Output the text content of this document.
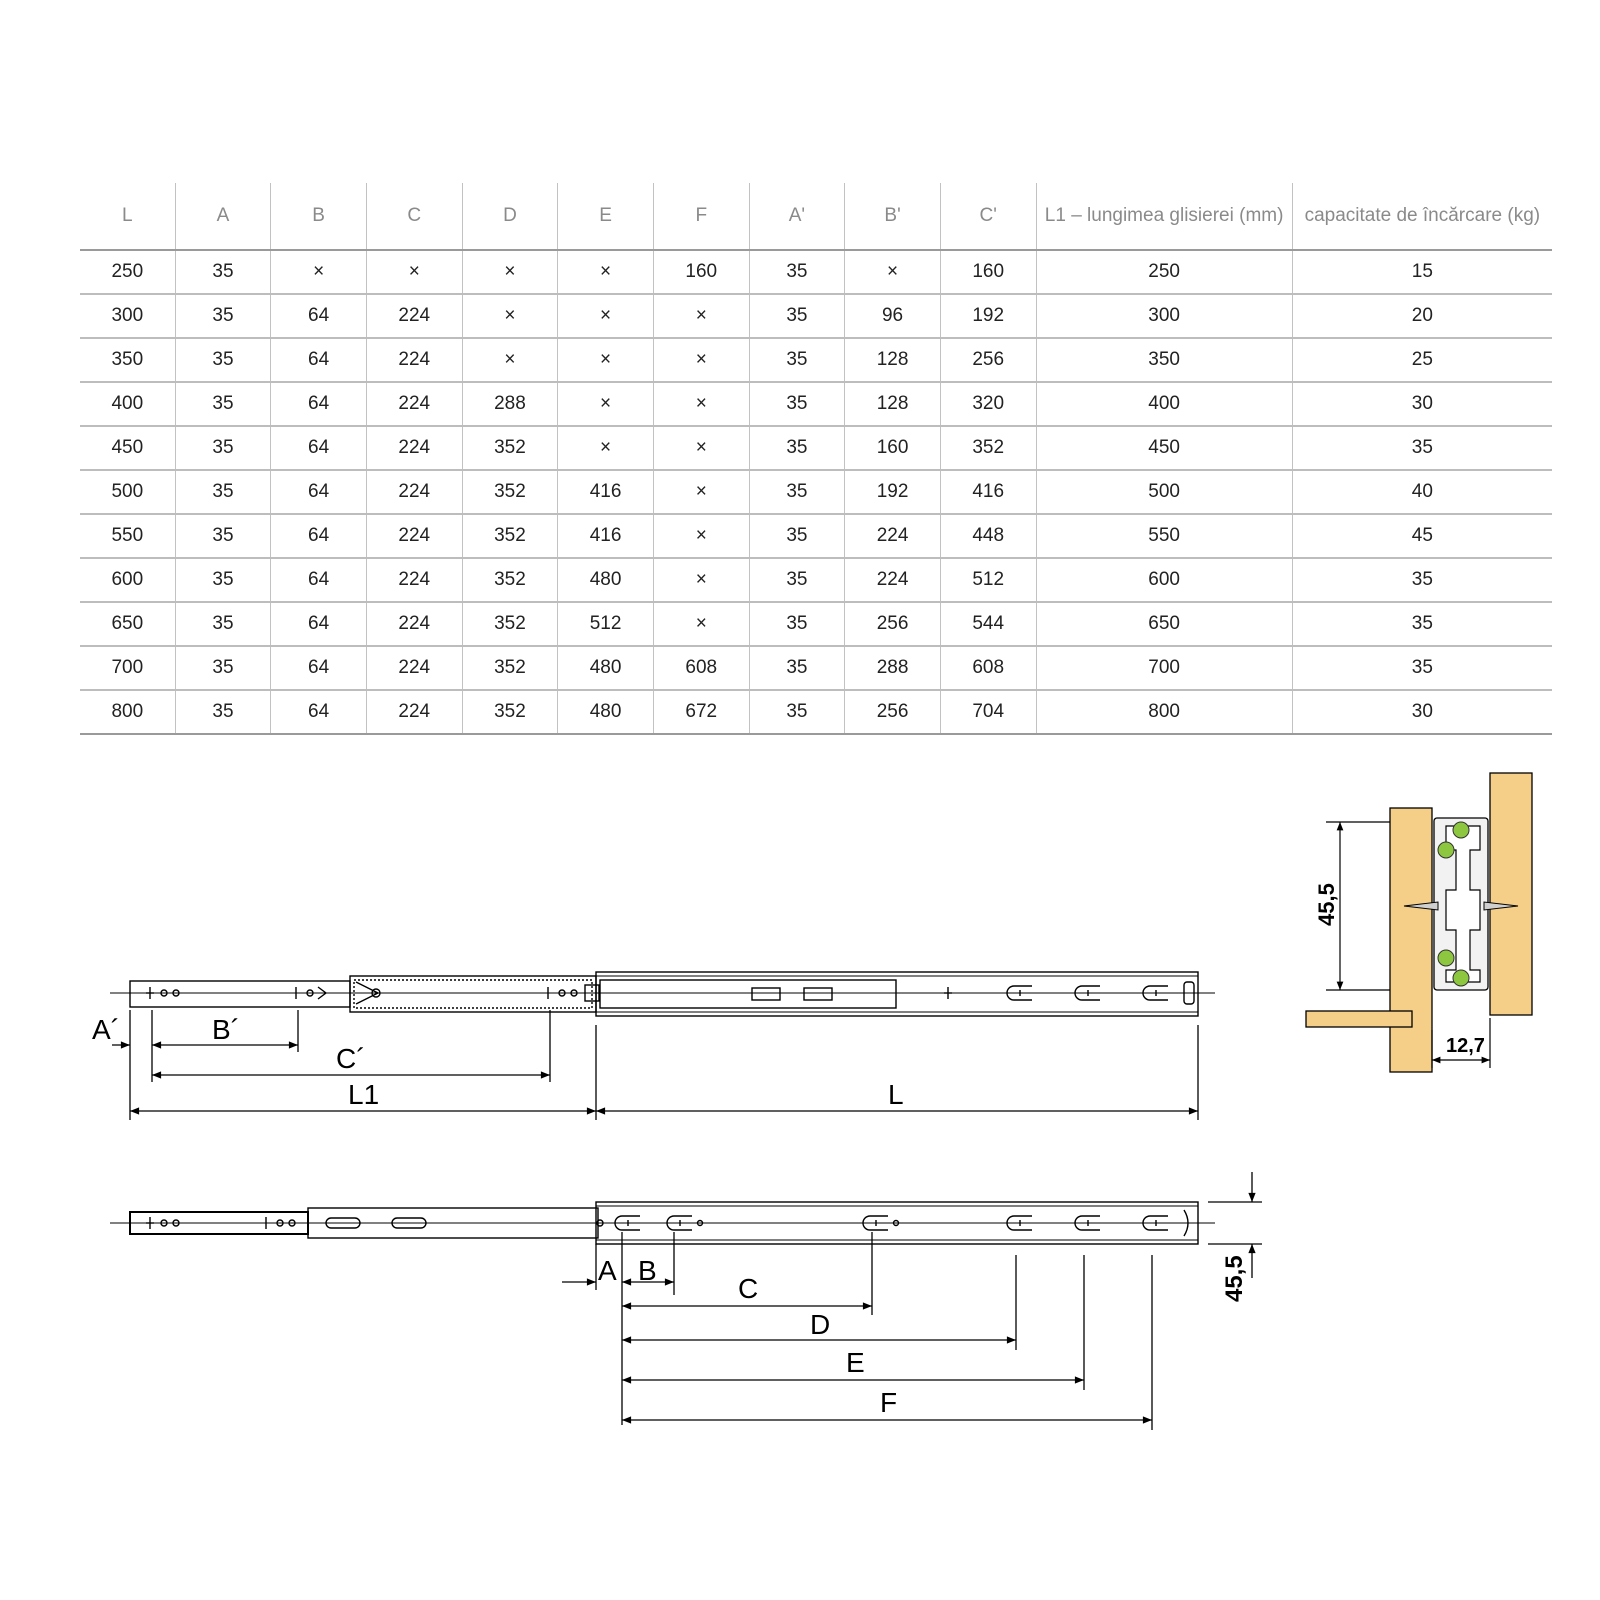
L	A	B	C	D	E	F	A'	B'	C'	L1 – lungimea glisierei (mm)	capacitate de încărcare (kg)
250	35	×	×	×	×	160	35	×	160	250	15
300	35	64	224	×	×	×	35	96	192	300	20
350	35	64	224	×	×	×	35	128	256	350	25
400	35	64	224	288	×	×	35	128	320	400	30
450	35	64	224	352	×	×	35	160	352	450	35
500	35	64	224	352	416	×	35	192	416	500	40
550	35	64	224	352	416	×	35	224	448	550	45
600	35	64	224	352	480	×	35	224	512	600	35
650	35	64	224	352	512	×	35	256	544	650	35
700	35	64	224	352	480	608	35	288	608	700	35
800	35	64	224	352	480	672	35	256	704	800	30
A´	B´
C´
L1	L
A B
C
D
E
F
45,5
45,5
12,7
